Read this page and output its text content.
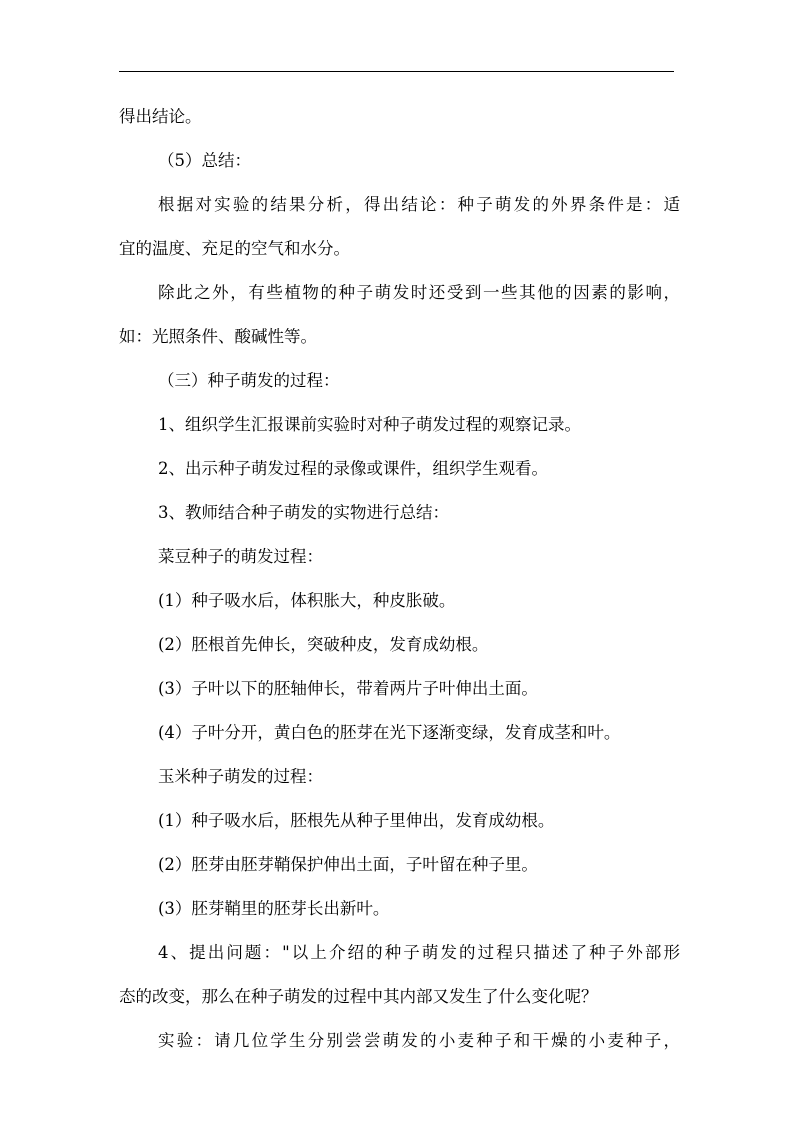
得出结论。
（5）总结：
根据对实验的结果分析，得出结论：种子萌发的外界条件是：适
宜的温度、充足的空气和水分。
除此之外，有些植物的种子萌发时还受到一些其他的因素的影响，
如：光照条件、酸碱性等。
（三）种子萌发的过程：
1、组织学生汇报课前实验时对种子萌发过程的观察记录。
2、出示种子萌发过程的录像或课件，组织学生观看。
3、教师结合种子萌发的实物进行总结：
菜豆种子的萌发过程：
(1）种子吸水后，体积胀大，种皮胀破。
(2）胚根首先伸长，突破种皮，发育成幼根。
(3）子叶以下的胚轴伸长，带着两片子叶伸出土面。
(4）子叶分开，黄白色的胚芽在光下逐渐变绿，发育成茎和叶。
玉米种子萌发的过程：
(1）种子吸水后，胚根先从种子里伸出，发育成幼根。
(2）胚芽由胚芽鞘保护伸出土面，子叶留在种子里。
(3）胚芽鞘里的胚芽长出新叶。
4、提出问题："以上介绍的种子萌发的过程只描述了种子外部形
态的改变，那么在种子萌发的过程中其内部又发生了什么变化呢？
实验：请几位学生分别尝尝萌发的小麦种子和干燥的小麦种子，
